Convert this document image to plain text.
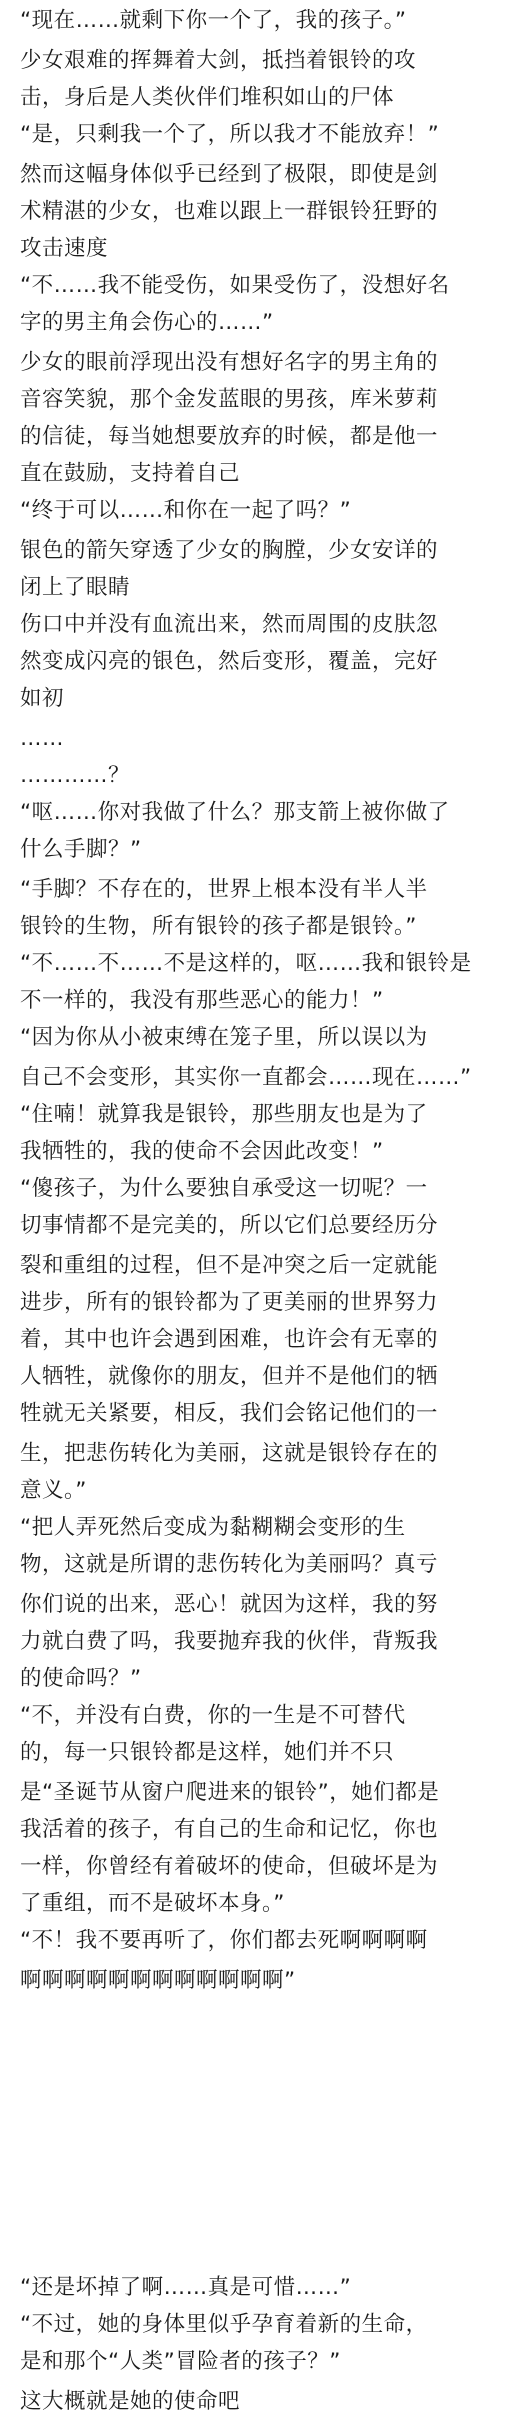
“现在……就剩下你一个了，我的孩子。”
少女艰难的挥舞着大剑，抵挡着银铃的攻
击，身后是人类伙伴们堆积如山的尸体
“是，只剩我一个了，所以我才不能放弃！”
然而这幅身体似乎已经到了极限，即使是剑
术精湛的少女，也难以跟上一群银铃狂野的
攻击速度
“不……我不能受伤，如果受伤了，没想好名
字的男主角会伤心的……”
少女的眼前浮现出没有想好名字的男主角的
音容笑貌，那个金发蓝眼的男孩，库米萝莉
的信徒，每当她想要放弃的时候，都是他一
直在鼓励，支持着自己
“终于可以……和你在一起了吗？”
银色的箭矢穿透了少女的胸膛，少女安详的
闭上了眼睛
伤口中并没有血流出来，然而周围的皮肤忽
然变成闪亮的银色，然后变形，覆盖，完好
如初
……
…………？
“呕……你对我做了什么？那支箭上被你做了
什么手脚？”
“手脚？不存在的，世界上根本没有半人半
银铃的生物，所有银铃的孩子都是银铃。”
“不……不……不是这样的，呕……我和银铃是
不一样的，我没有那些恶心的能力！”
“因为你从小被束缚在笼子里，所以误以为
自己不会变形，其实你一直都会……现在……”
“住喃！就算我是银铃，那些朋友也是为了
我牺牲的，我的使命不会因此改变！”
“傻孩子，为什么要独自承受这一切呢？一
切事情都不是完美的，所以它们总要经历分
裂和重组的过程，但不是冲突之后一定就能
进步，所有的银铃都为了更美丽的世界努力
着，其中也许会遇到困难，也许会有无辜的
人牺牲，就像你的朋友，但并不是他们的牺
牲就无关紧要，相反，我们会铭记他们的一
生，把悲伤转化为美丽，这就是银铃存在的
意义。”
“把人弄死然后变成为黏糊糊会变形的生
物，这就是所谓的悲伤转化为美丽吗？真亏
你们说的出来，恶心！就因为这样，我的努
力就白费了吗，我要抛弃我的伙伴，背叛我
的使命吗？”
“不，并没有白费，你的一生是不可替代
的，每一只银铃都是这样，她们并不只
是“圣诞节从窗户爬进来的银铃”，她们都是
我活着的孩子，有自己的生命和记忆，你也
一样，你曾经有着破坏的使命，但破坏是为
了重组，而不是破坏本身。”
“不！我不要再听了，你们都去死啊啊啊啊
啊啊啊啊啊啊啊啊啊啊啊啊”
“还是坏掉了啊……真是可惜……”
“不过，她的身体里似乎孕育着新的生命，
是和那个“人类”冒险者的孩子？”
这大概就是她的使命吧
